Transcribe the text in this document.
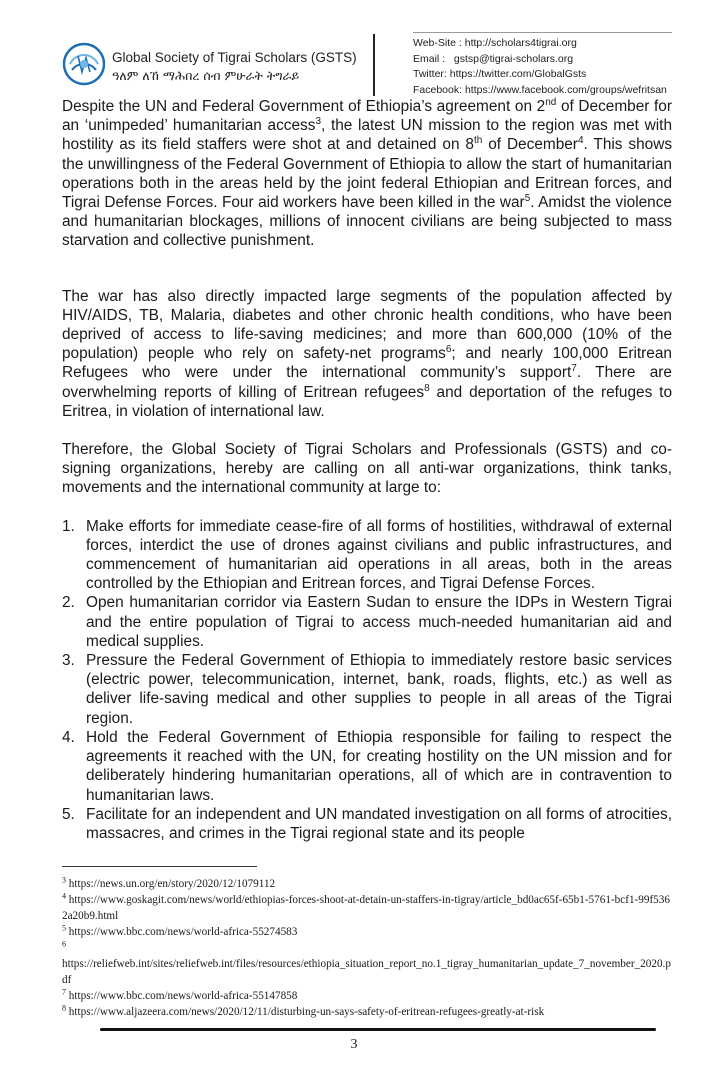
Global Society of Tigrai Scholars (GSTS)
ዓለም ለኸ ማሕበረ ሰብ ምሁራት ትግራይ
Web-Site : http://scholars4tigrai.org
Email : gstsp@tigrai-scholars.org
Twitter: https://twitter.com/GlobalGsts
Facebook: https://www.facebook.com/groups/wefritsan

Despite the UN and Federal Government of Ethiopia’s agreement on 2nd of December for an ‘unimpeded’ humanitarian access$^3$, the latest UN mission to the region was met with hostility as its field staffers were shot at and detained on 8th of December$^4$. This shows the unwillingness of the Federal Government of Ethiopia to allow the start of humanitarian operations both in the areas held by the joint federal Ethiopian and Eritrean forces, and Tigrai Defense Forces. Four aid workers have been killed in the war$^5$. Amidst the violence and humanitarian blockages, millions of innocent civilians are being subjected to mass starvation and collective punishment.

The war has also directly impacted large segments of the population affected by HIV/AIDS, TB, Malaria, diabetes and other chronic health conditions, who have been deprived of access to life-saving medicines; and more than 600,000 (10% of the population) people who rely on safety-net programs$^6$; and nearly 100,000 Eritrean Refugees who were under the international community’s support$^7$. There are overwhelming reports of killing of Eritrean refugees$^8$ and deportation of the refuges to Eritrea, in violation of international law.

Therefore, the Global Society of Tigrai Scholars and Professionals (GSTS) and co-signing organizations, hereby are calling on all anti-war organizations, think tanks, movements and the international community at large to:

1. Make efforts for immediate cease-fire of all forms of hostilities, withdrawal of external forces, interdict the use of drones against civilians and public infrastructures, and commencement of humanitarian aid operations in all areas, both in the areas controlled by the Ethiopian and Eritrean forces, and Tigrai Defense Forces.
2. Open humanitarian corridor via Eastern Sudan to ensure the IDPs in Western Tigrai and the entire population of Tigrai to access much-needed humanitarian aid and medical supplies.
3. Pressure the Federal Government of Ethiopia to immediately restore basic services (electric power, telecommunication, internet, bank, roads, flights, etc.) as well as deliver life-saving medical and other supplies to people in all areas of the Tigrai region.
4. Hold the Federal Government of Ethiopia responsible for failing to respect the agreements it reached with the UN, for creating hostility on the UN mission and for deliberately hindering humanitarian operations, all of which are in contravention to humanitarian laws.
5. Facilitate for an independent and UN mandated investigation on all forms of atrocities, massacres, and crimes in the Tigrai regional state and its people
$^3$ https://news.un.org/en/story/2020/12/1079112
$^4$ https://www.goskagit.com/news/world/ethiopias-forces-shoot-at-detain-un-staffers-in-tigray/article_bd0ac65f-65b1-5761-bcf1-99f5362a20b9.html
$^5$ https://www.bbc.com/news/world-africa-55274583
$^6$
https://reliefweb.int/sites/reliefweb.int/files/resources/ethiopia_situation_report_no.1_tigray_humanitarian_update_7_november_2020.pdf
$^7$ https://www.bbc.com/news/world-africa-55147858
$^8$ https://www.aljazeera.com/news/2020/12/11/disturbing-un-says-safety-of-eritrean-refugees-greatly-at-risk
3
